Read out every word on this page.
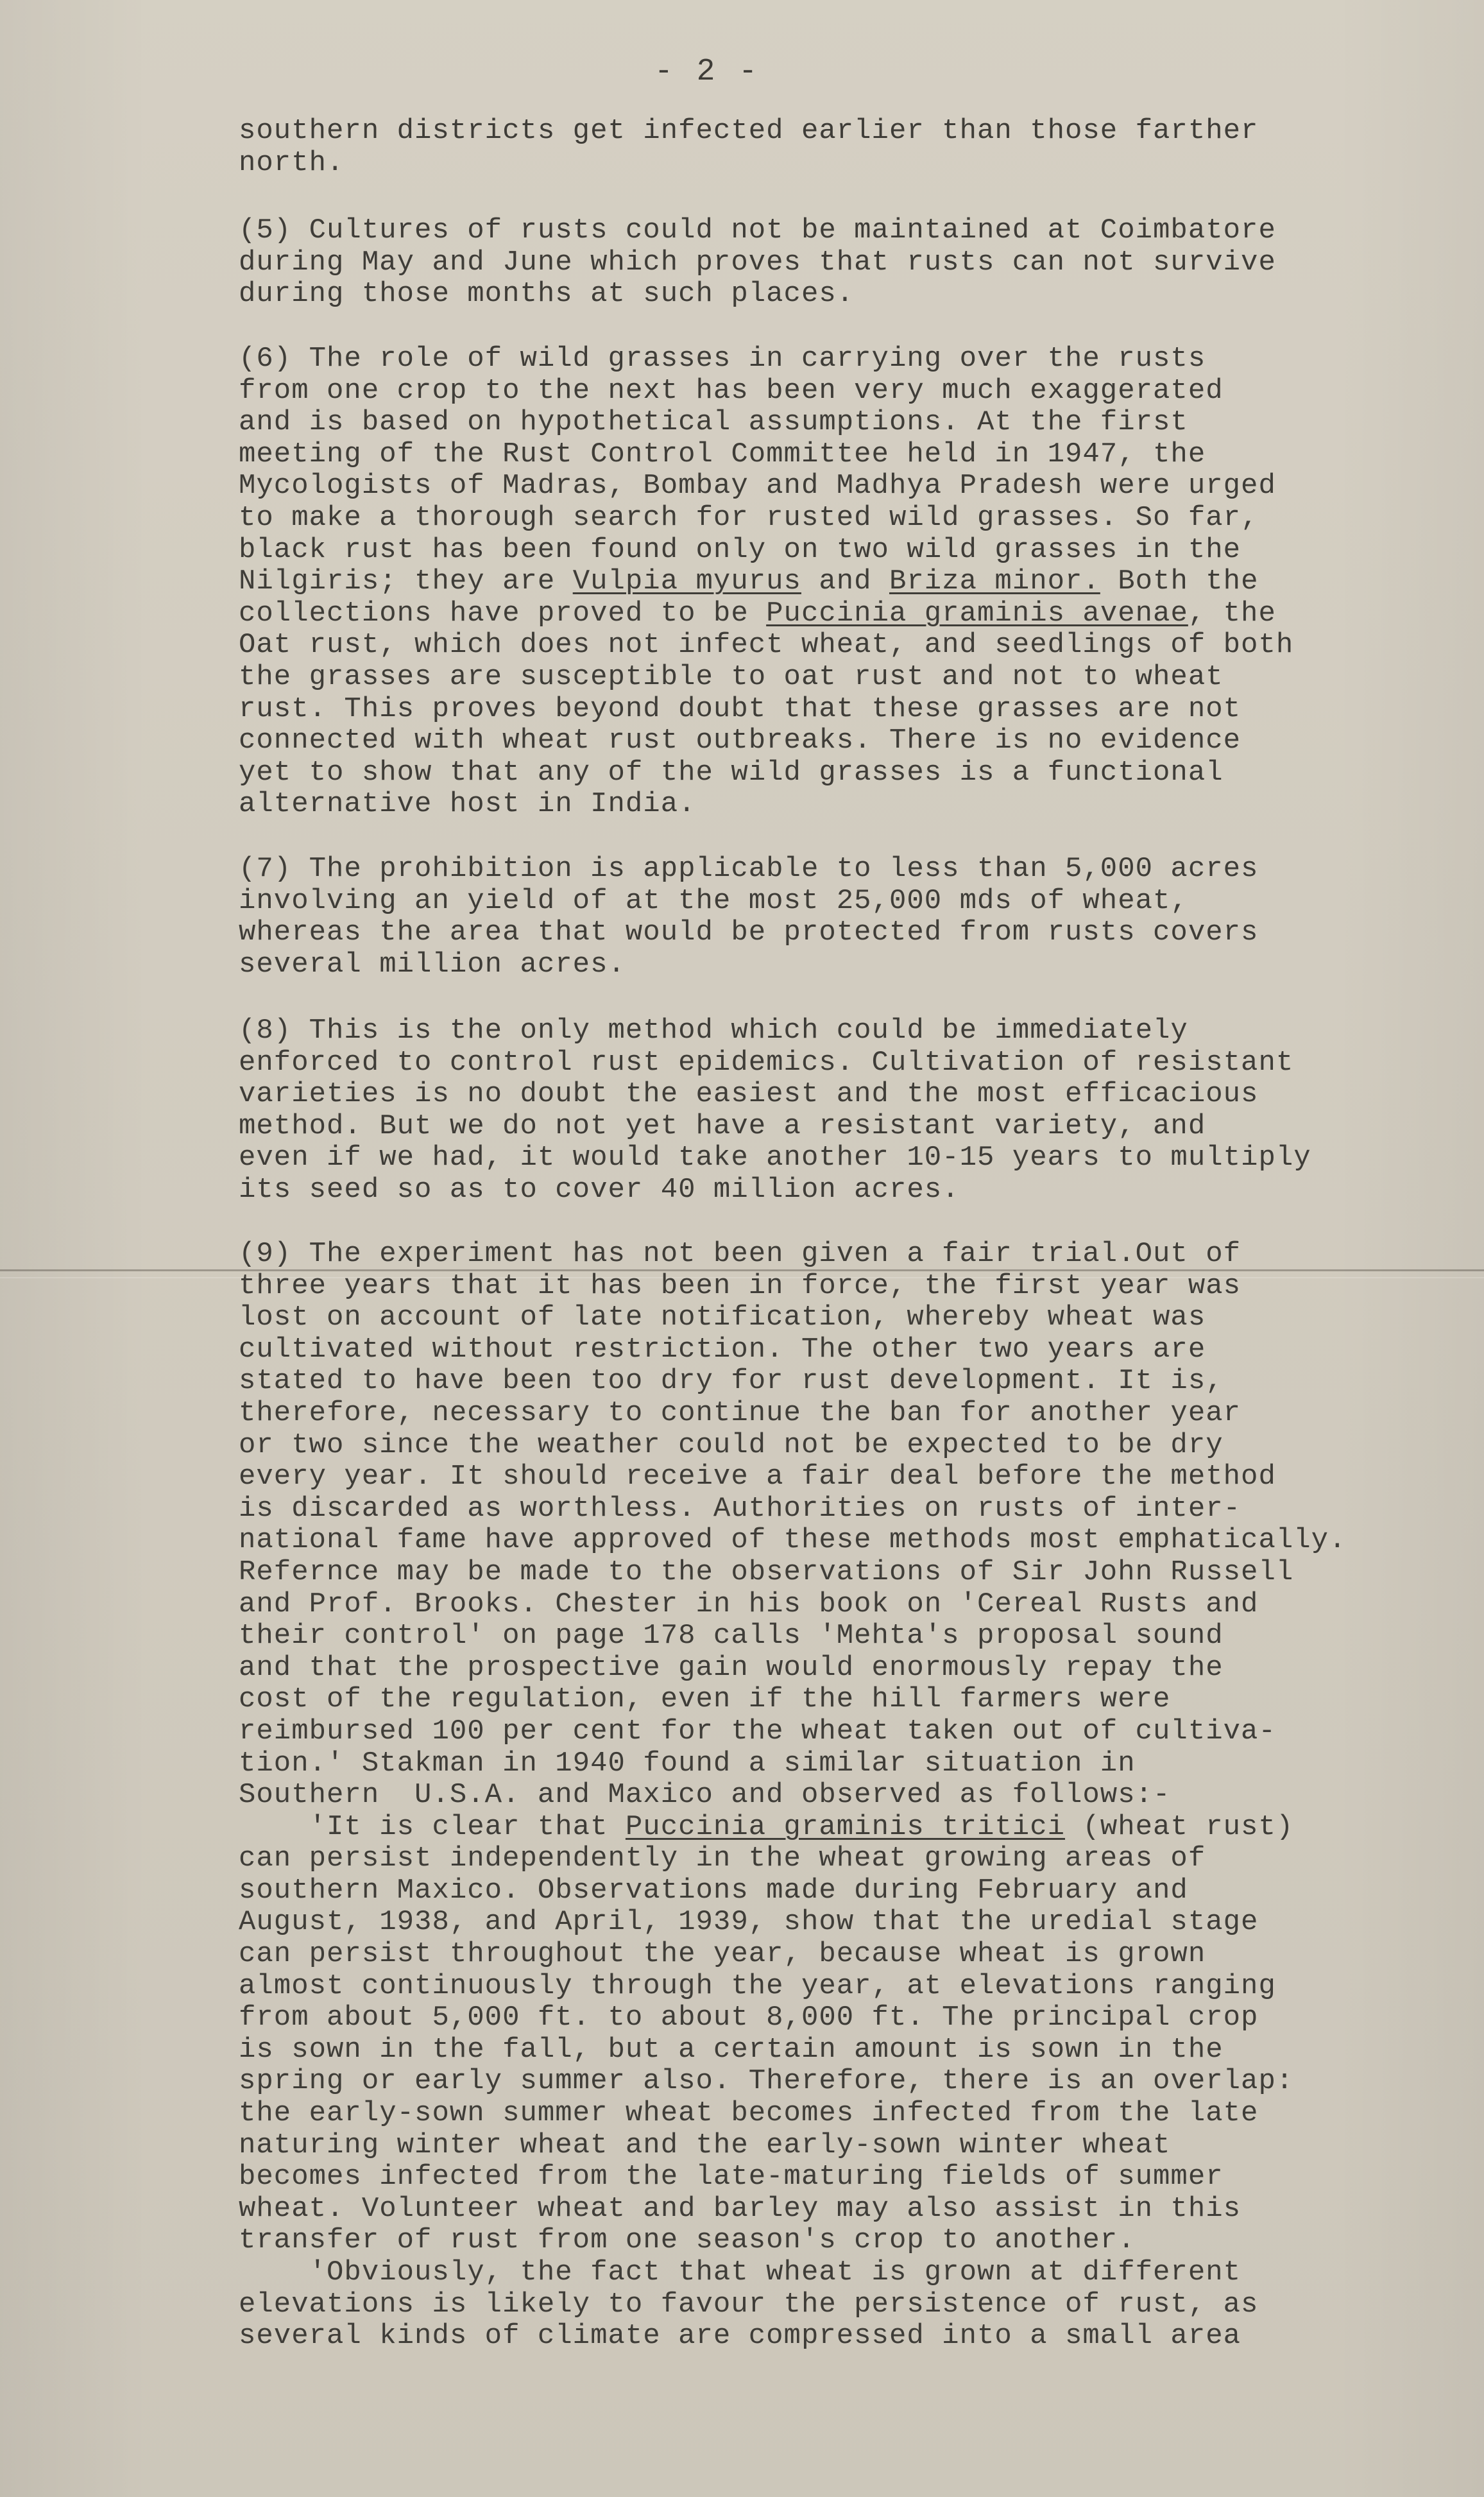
- 2 -
southern districts get infected earlier than those farther
north.
(5) Cultures of rusts could not be maintained at Coimbatore
during May and June which proves that rusts can not survive
during those months at such places.
(6) The role of wild grasses in carrying over the rusts
from one crop to the next has been very much exaggerated
and is based on hypothetical assumptions. At the first
meeting of the Rust Control Committee held in 1947, the
Mycologists of Madras, Bombay and Madhya Pradesh were urged
to make a thorough search for rusted wild grasses. So far,
black rust has been found only on two wild grasses in the
Nilgiris; they are Vulpia myurus and Briza minor. Both the
collections have proved to be Puccinia graminis avenae, the
Oat rust, which does not infect wheat, and seedlings of both
the grasses are susceptible to oat rust and not to wheat
rust. This proves beyond doubt that these grasses are not
connected with wheat rust outbreaks. There is no evidence
yet to show that any of the wild grasses is a functional
alternative host in India.
(7) The prohibition is applicable to less than 5,000 acres
involving an yield of at the most 25,000 mds of wheat,
whereas the area that would be protected from rusts covers
several million acres.
(8) This is the only method which could be immediately
enforced to control rust epidemics. Cultivation of resistant
varieties is no doubt the easiest and the most efficacious
method. But we do not yet have a resistant variety, and
even if we had, it would take another 10-15 years to multiply
its seed so as to cover 40 million acres.
(9) The experiment has not been given a fair trial.Out of
three years that it has been in force, the first year was
lost on account of late notification, whereby wheat was
cultivated without restriction. The other two years are
stated to have been too dry for rust development. It is,
therefore, necessary to continue the ban for another year
or two since the weather could not be expected to be dry
every year. It should receive a fair deal before the method
is discarded as worthless. Authorities on rusts of inter-
national fame have approved of these methods most emphatically.
Refernce may be made to the observations of Sir John Russell
and Prof. Brooks. Chester in his book on 'Cereal Rusts and
their control' on page 178 calls 'Mehta's proposal sound
and that the prospective gain would enormously repay the
cost of the regulation, even if the hill farmers were
reimbursed 100 per cent for the wheat taken out of cultiva-
tion.' Stakman in 1940 found a similar situation in
Southern  U.S.A. and Maxico and observed as follows:-
'It is clear that Puccinia graminis tritici (wheat rust)
can persist independently in the wheat growing areas of
southern Maxico. Observations made during February and
August, 1938, and April, 1939, show that the uredial stage
can persist throughout the year, because wheat is grown
almost continuously through the year, at elevations ranging
from about 5,000 ft. to about 8,000 ft. The principal crop
is sown in the fall, but a certain amount is sown in the
spring or early summer also. Therefore, there is an overlap:
the early-sown summer wheat becomes infected from the late
naturing winter wheat and the early-sown winter wheat
becomes infected from the late-maturing fields of summer
wheat. Volunteer wheat and barley may also assist in this
transfer of rust from one season's crop to another.
'Obviously, the fact that wheat is grown at different
elevations is likely to favour the persistence of rust, as
several kinds of climate are compressed into a small area
